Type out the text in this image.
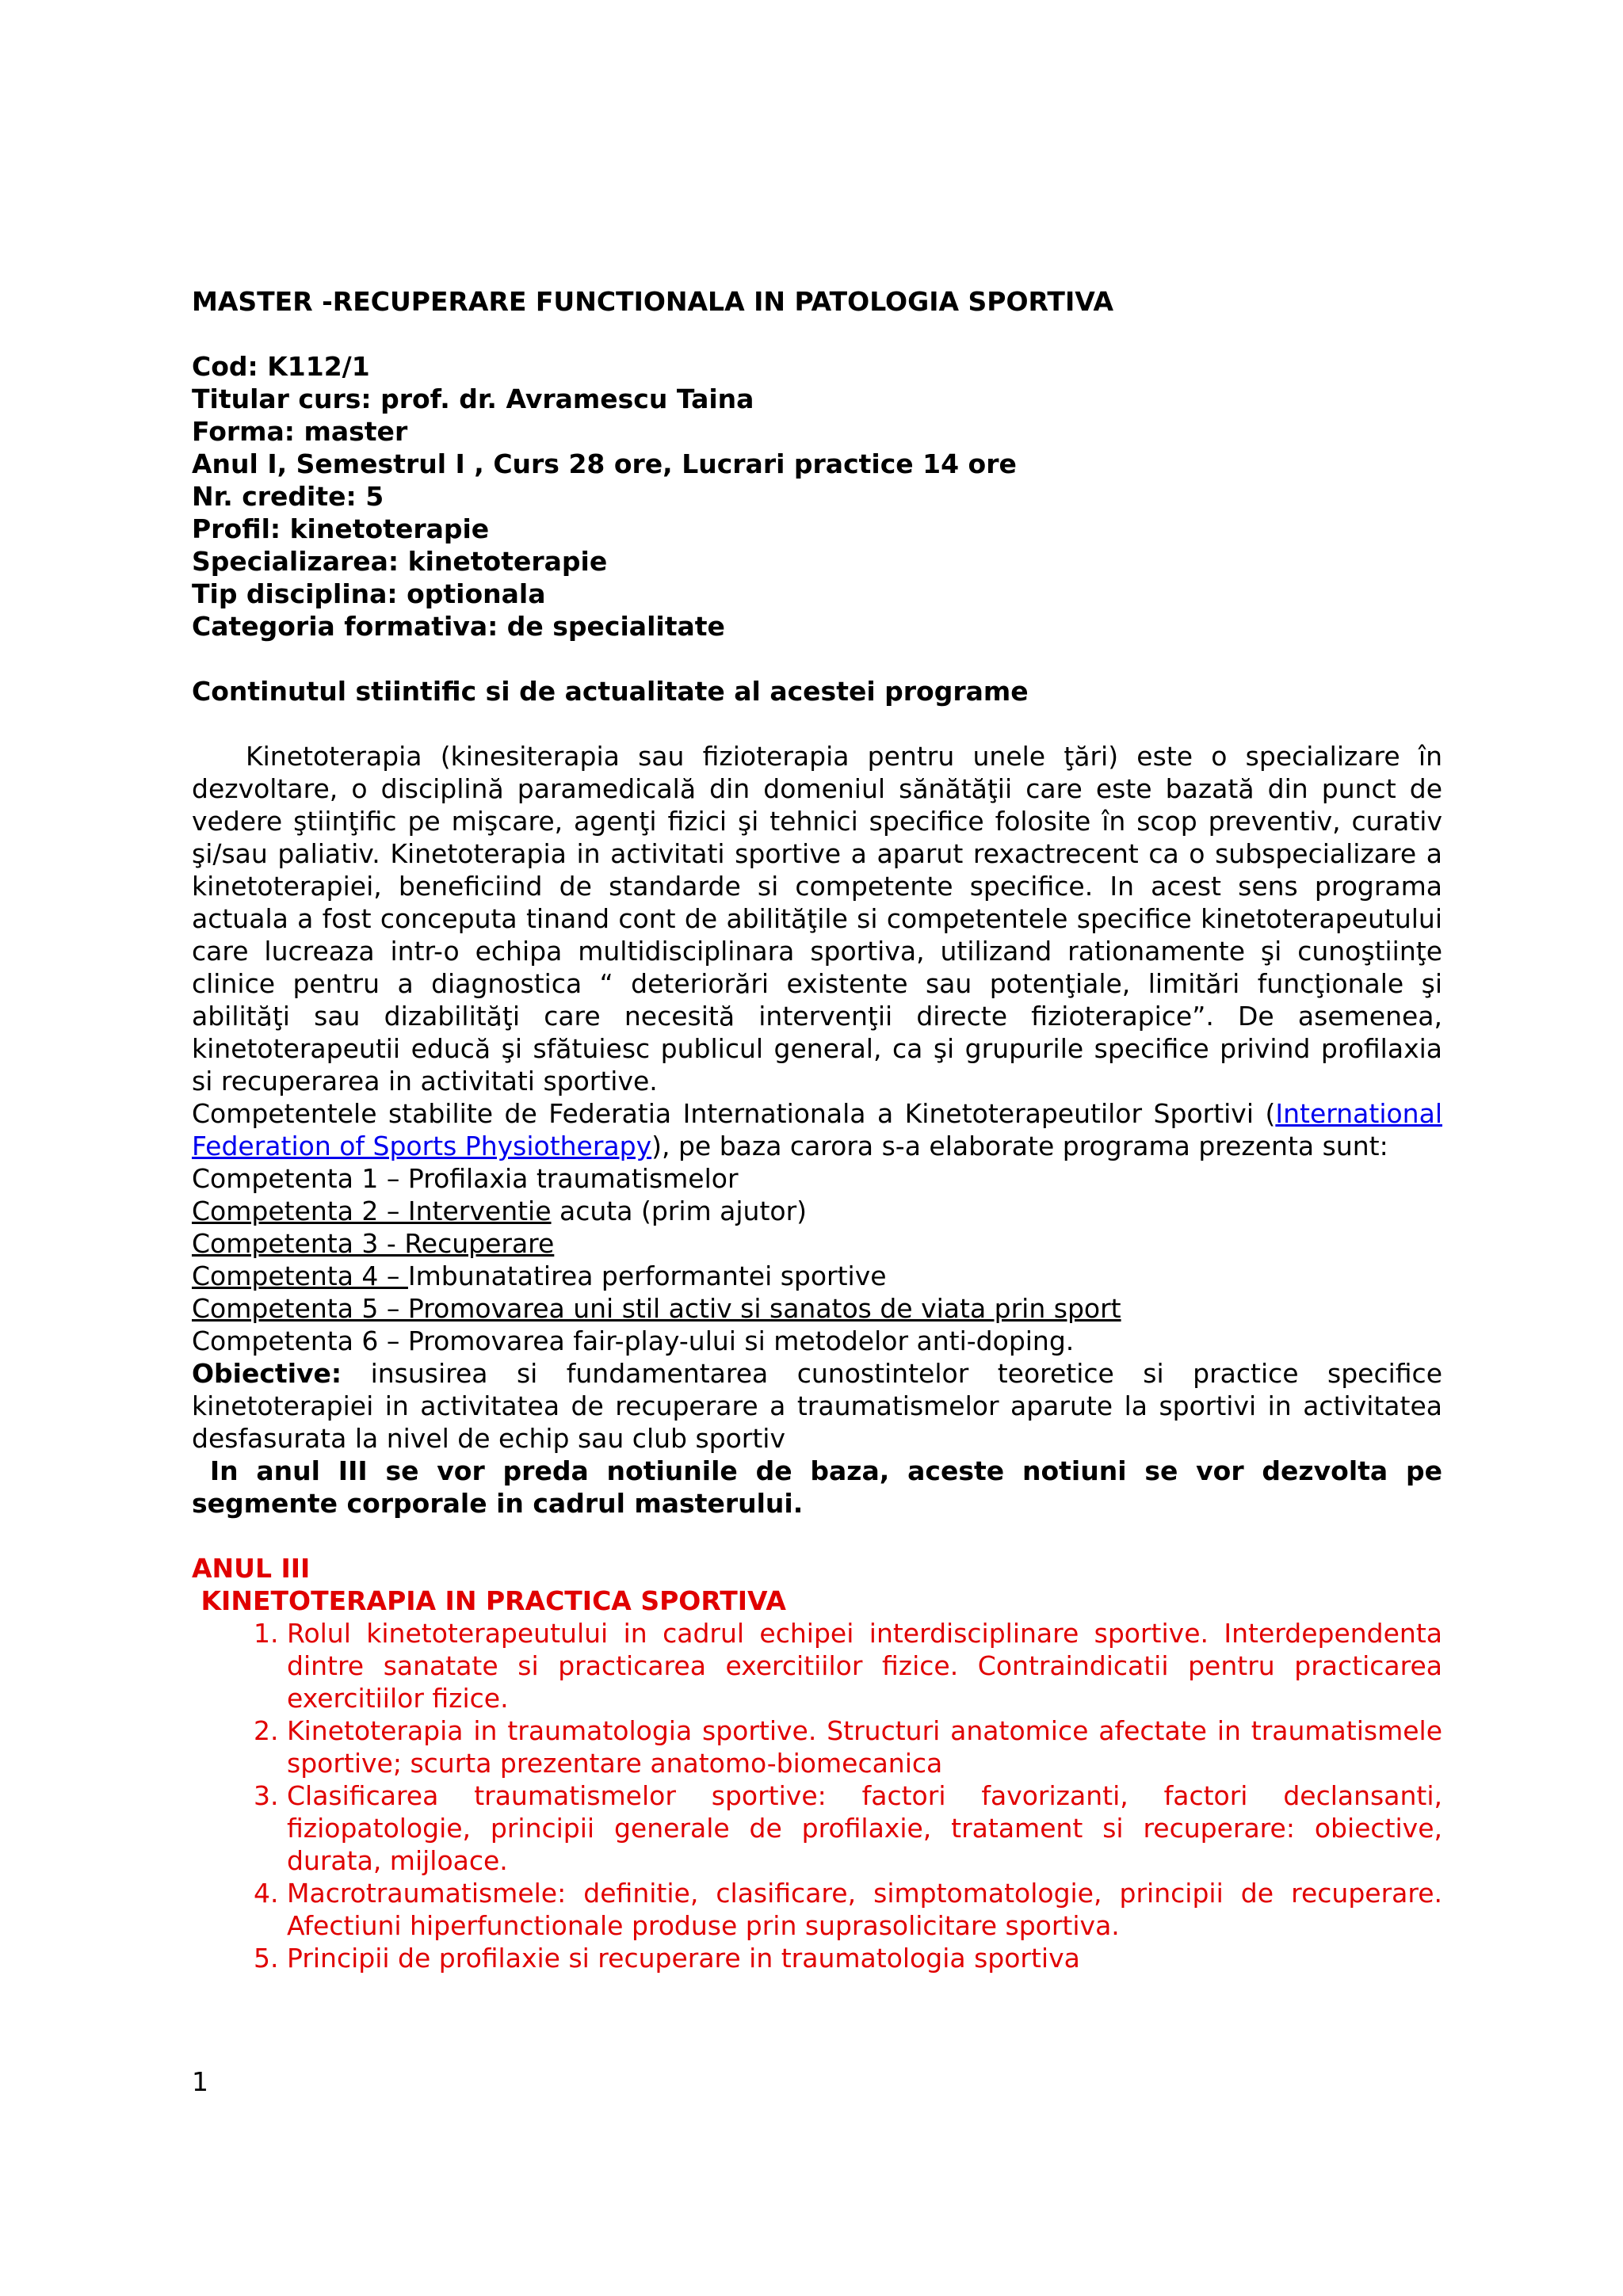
MASTER -RECUPERARE FUNCTIONALA IN PATOLOGIA SPORTIVA
Cod: K112/1
Titular curs: prof. dr. Avramescu Taina
Forma: master
Anul I, Semestrul I , Curs 28 ore, Lucrari practice 14 ore
Nr. credite: 5
Profil: kinetoterapie
Specializarea: kinetoterapie
Tip disciplina: optionala
Categoria formativa: de specialitate
Continutul stiintific si de actualitate al acestei programe
Kinetoterapia (kinesiterapia sau fizioterapia pentru unele ţări) este o specializare în dezvoltare, o disciplină paramedicală din domeniul sănătăţii care este bazată din punct de vedere ştiinţific pe mişcare, agenţi fizici şi tehnici specifice folosite în scop preventiv, curativ şi/sau paliativ. Kinetoterapia in activitati sportive a aparut rexactrecent ca o subspecializare a kinetoterapiei, beneficiind de standarde si competente specifice. In acest sens programa actuala a fost conceputa tinand cont de abilităţile si competentele specifice kinetoterapeutului care lucreaza intr-o echipa multidisciplinara sportiva, utilizand rationamente şi cunoştiinţe clinice pentru a diagnostica “ deteriorări existente sau potenţiale, limitări funcţionale şi abilităţi sau dizabilităţi care necesită intervenţii directe fizioterapice”. De asemenea, kinetoterapeutii educă şi sfătuiesc publicul general, ca şi grupurile specifice privind profilaxia si recuperarea in activitati sportive.
Competentele stabilite de Federatia Internationala a Kinetoterapeutilor Sportivi (International Federation of Sports Physiotherapy), pe baza carora s-a elaborate programa prezenta sunt:
Competenta 1 – Profilaxia traumatismelor
Competenta 2 – Interventie acuta (prim ajutor)
Competenta 3 - Recuperare
Competenta 4 – Imbunatatirea performantei sportive
Competenta 5 – Promovarea uni stil activ si sanatos de viata prin sport
Competenta 6 – Promovarea fair-play-ului si metodelor anti-doping.
Obiective: insusirea si fundamentarea cunostintelor teoretice si practice specifice kinetoterapiei in activitatea de recuperare a traumatismelor aparute la sportivi in activitatea desfasurata la nivel de echip sau club sportiv
In anul III se vor preda notiunile de baza, aceste notiuni se vor dezvolta pe segmente corporale in cadrul masterului.
ANUL III
KINETOTERAPIA IN PRACTICA SPORTIVA
1. Rolul kinetoterapeutului in cadrul echipei interdisciplinare sportive. Interdependenta dintre sanatate si practicarea exercitiilor fizice. Contraindicatii pentru practicarea exercitiilor fizice.
2. Kinetoterapia in traumatologia sportive. Structuri anatomice afectate in traumatismele sportive; scurta prezentare anatomo-biomecanica
3. Clasificarea traumatismelor sportive: factori favorizanti, factori declansanti, fiziopatologie, principii generale de profilaxie, tratament si recuperare: obiective, durata, mijloace.
4. Macrotraumatismele: definitie, clasificare, simptomatologie, principii de recuperare. Afectiuni hiperfunctionale produse prin suprasolicitare sportiva.
5. Principii de profilaxie si recuperare in traumatologia sportiva
1
